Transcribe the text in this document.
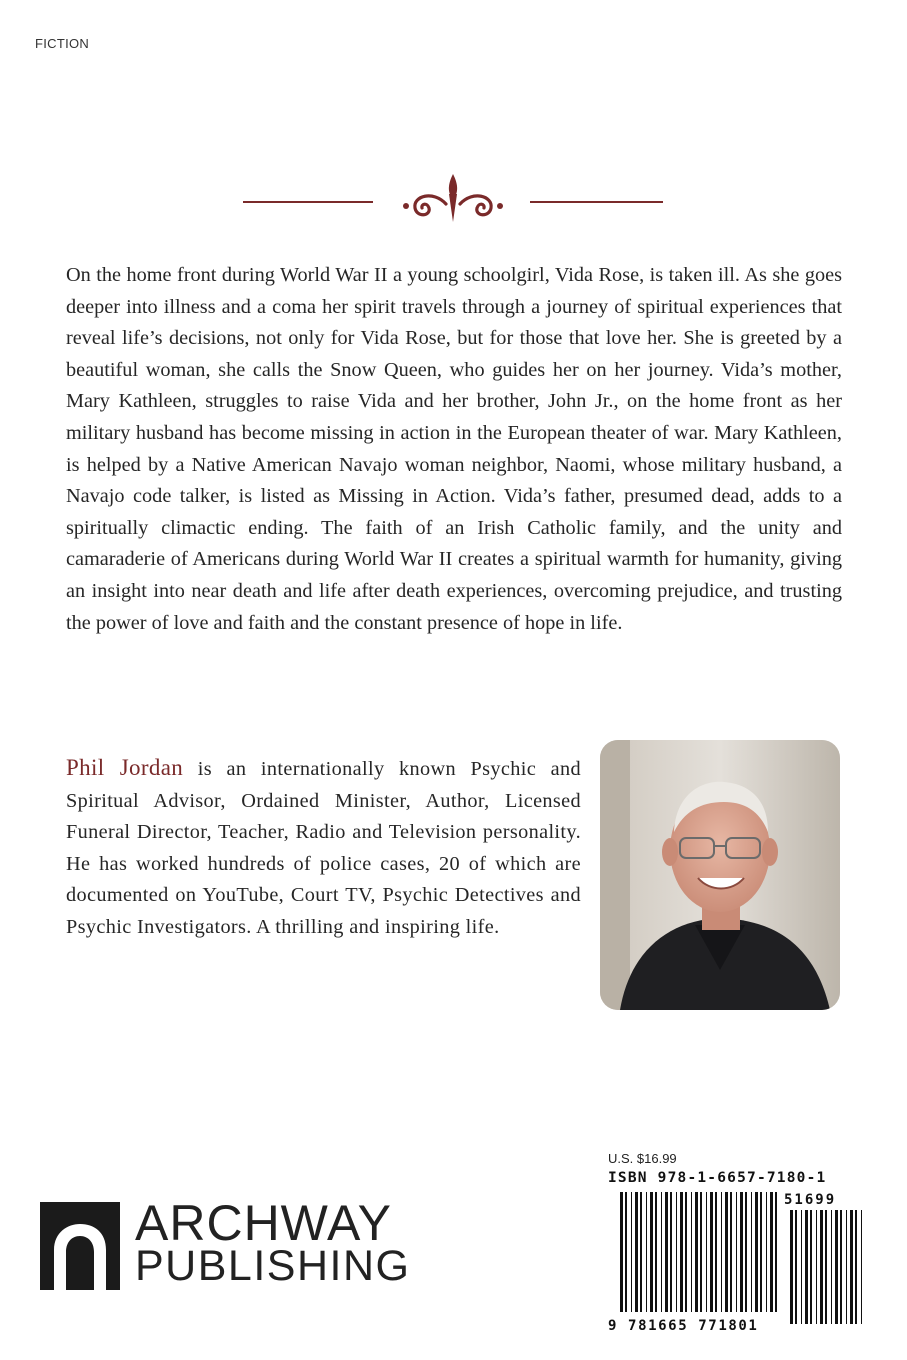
FICTION

On the home front during World War II a young schoolgirl, Vida Rose, is taken ill. As she goes deeper into illness and a coma her spirit travels through a journey of spiritual experiences that reveal life’s decisions, not only for Vida Rose, but for those that love her. She is greeted by a beautiful woman, she calls the Snow Queen, who guides her on her journey. Vida’s mother, Mary Kathleen, struggles to raise Vida and her brother, John Jr., on the home front as her military husband has become missing in action in the European theater of war. Mary Kathleen, is helped by a Native American Navajo woman neighbor, Naomi, whose military husband, a Navajo code talker, is listed as Missing in Action. Vida’s father, presumed dead, adds to a spiritually climactic ending. The faith of an Irish Catholic family, and the unity and camaraderie of Americans during World War II creates a spiritual warmth for humanity, giving an insight into near death and life after death experiences, overcoming prejudice, and trusting the power of love and faith and the constant presence of hope in life.

Phil Jordan is an internationally known Psychic and Spiritual Advisor, Ordained Minister, Author, Licensed Funeral Director, Teacher, Radio and Television personality. He has worked hundreds of police cases, 20 of which are documented on YouTube, Court TV, Psychic Detectives and Psychic Investigators. A thrilling and inspiring life.

U.S. $16.99
ISBN 978-1-6657-7180-1
51699
9 781665 771801
ARCHWAY
PUBLISHING
